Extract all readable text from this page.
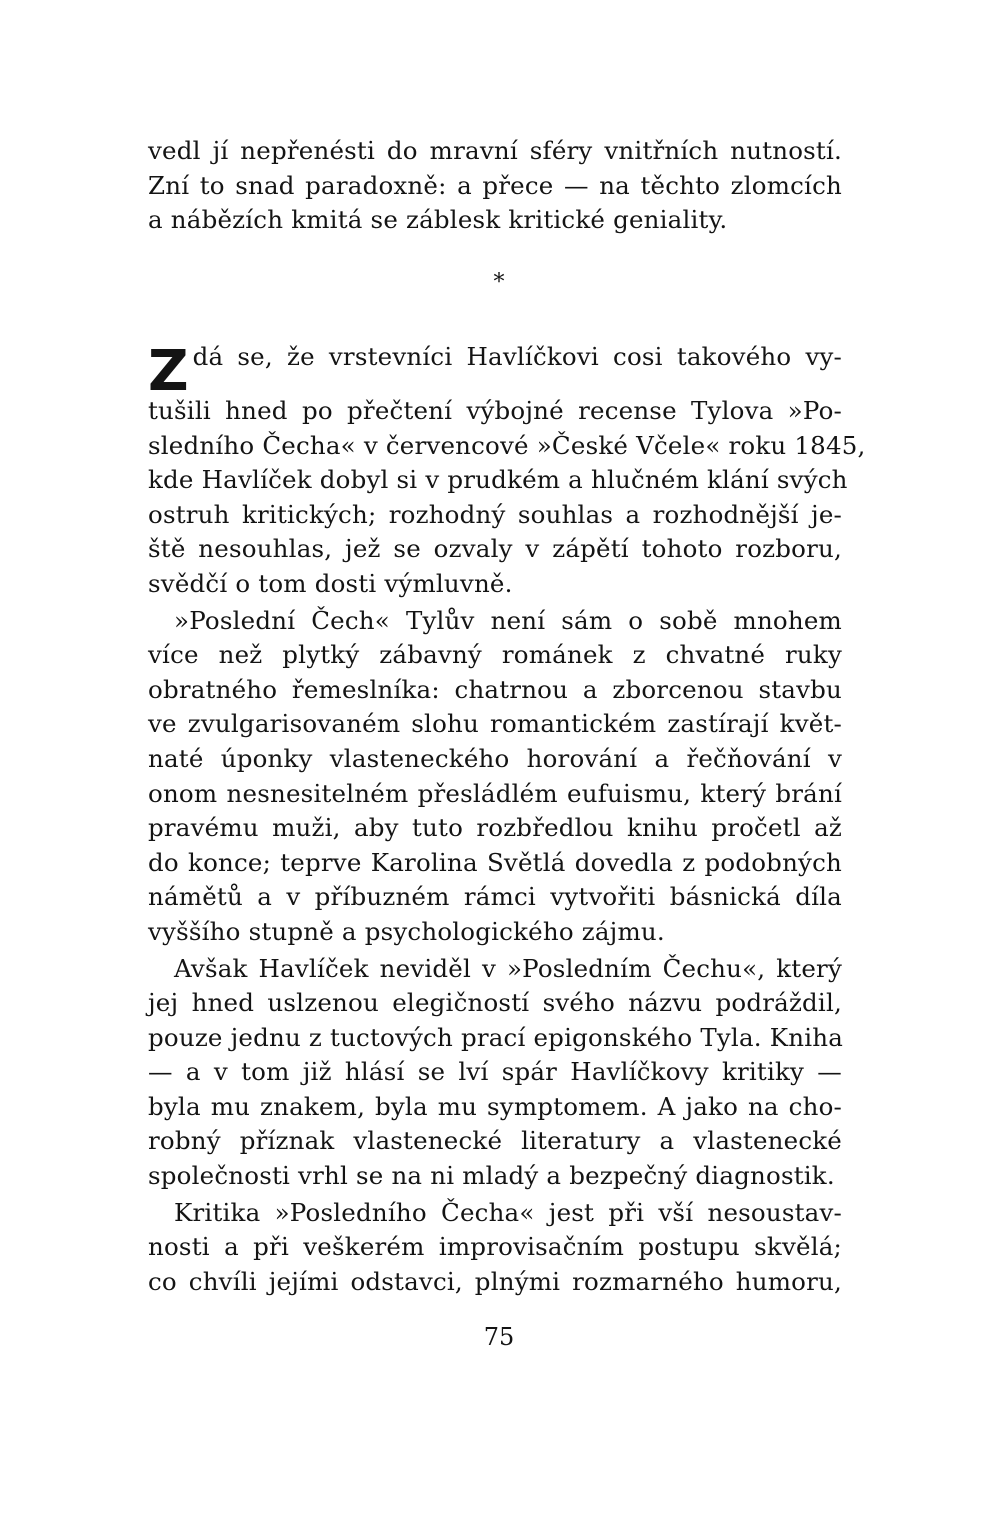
vedl jí nepřenésti do mravní sféry vnitřních nutností.
Zní to snad paradoxně: a přece — na těchto zlomcích
a nábězích kmitá se záblesk kritické geniality.
*
Z dá se, že vrstevníci Havlíčkovi cosi takového vy-
tušili hned po přečtení výbojné recense Tylova »Po-
sledního Čecha« v červencové »České Včele« roku 1845,
kde Havlíček dobyl si v prudkém a hlučném klání svých
ostruh kritických; rozhodný souhlas a rozhodnější je-
ště nesouhlas, jež se ozvaly v zápětí tohoto rozboru,
svědčí o tom dosti výmluvně.
»Poslední Čech« Tylův není sám o sobě mnohem
více než plytký zábavný románek z chvatné ruky
obratného řemeslníka: chatrnou a zborcenou stavbu
ve zvulgarisovaném slohu romantickém zastírají květ-
naté úponky vlasteneckého horování a řečňování v
onom nesnesitelném přesládlém eufuismu, který brání
pravému muži, aby tuto rozbředlou knihu pročetl až
do konce; teprve Karolina Světlá dovedla z podobných
námětů a v příbuzném rámci vytvořiti básnická díla
vyššího stupně a psychologického zájmu.
Avšak Havlíček neviděl v »Posledním Čechu«, který
jej hned uslzenou elegičností svého názvu podráždil,
pouze jednu z tuctových prací epigonského Tyla. Kniha
— a v tom již hlásí se lví spár Havlíčkovy kritiky —
byla mu znakem, byla mu symptomem. A jako na cho-
robný příznak vlastenecké literatury a vlastenecké
společnosti vrhl se na ni mladý a bezpečný diagnostik.
Kritika »Posledního Čecha« jest při vší nesoustav-
nosti a při veškerém improvisačním postupu skvělá;
co chvíli jejími odstavci, plnými rozmarného humoru,
75
